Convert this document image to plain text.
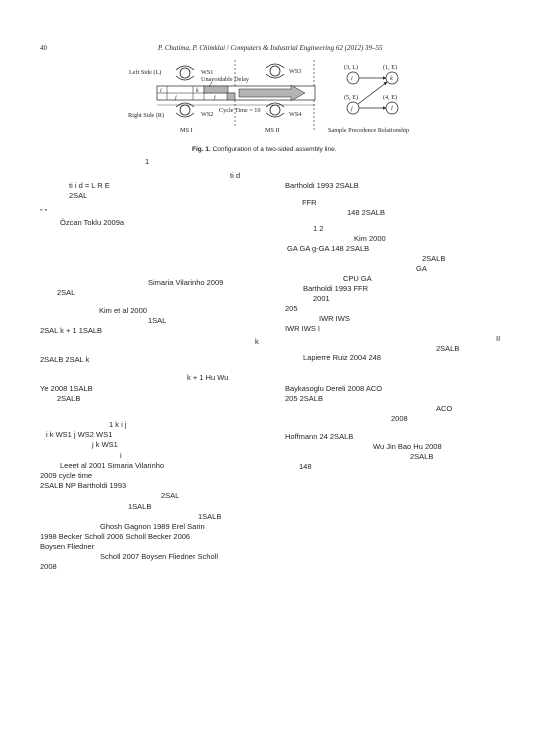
40	P. Chutima, P. Chimklai / Computers & Industrial Engineering 62 (2012) 39–55
Left Side (L)
Right Side (R)
WS1
WS2
WS3
WS4
Unavoidable Delay
Cycle Time = 10
MS I	MS II
i
j
k
j
(3, L)	(1, E)
(5, E)	(4, E)
i	k
j	l
Sample Precedence Relationship
Fig. 1. Configuration of a two-sided assembly line.
1
ti d
ti i d = L R E
2SAL
" "
Özcan Toklu 2009a
Simaria Vilarinho 2009
2SAL
Kim et al 2000
1SAL
2SAL k + 1 1SALB
k
2SALB 2SAL k
k + 1 Hu Wu
Ye 2008 1SALB
2SALB
1 k i j
i k WS1 j WS2 WS1
j k WS1
i
Leeet al 2001 Simaria Vilarinho
2009 cycle time
2SALB NP Bartholdi 1993
2SAL
1SALB
1SALB
Ghosh Gagnon 1989 Erel Sarin
1998 Becker Scholl 2006 Scholl Becker 2006
Boysen Fliedner
Scholl 2007 Boysen Fliedner Scholl
2008
Bartholdi 1993 2SALB
FFR
148 2SALB
1 2
Kim 2000
GA GA g-GA 148 2SALB
2SALB
GA
CPU GA
Bartholdi 1993 FFR
2001
205
IWR IWS
IWR IWS I
II
2SALB
Lapierre Ruiz 2004 248
Baykasoglu Dereli 2008 ACO
205 2SALB
ACO
2008
Hoffmann 24 2SALB
Wu Jin Bao Hu 2008
2SALB
148
